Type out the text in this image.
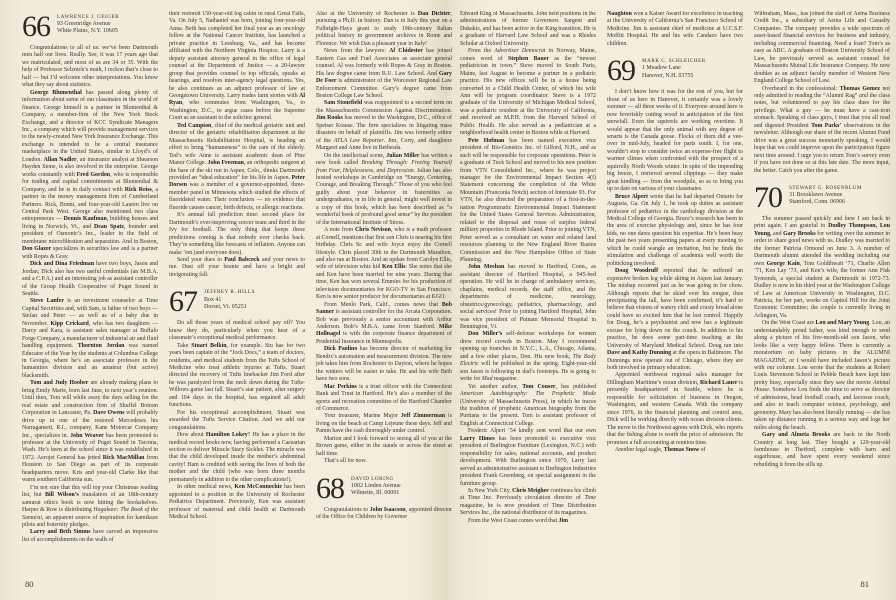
66 LAWRENCE J. GEIGER
93 Greenridge Avenue
White Plains, N.Y. 10605

Congratulations to all of us: we’ve been Dartmouth men half our lives. Really. See, it was 17 years ago that we matriculated, and most of us are 34 or 35. With the help of Professor Selznick’s math, I reckon that’s close to half — but I’d welcome other interpretations. You know what they say about statistics.

George Blumenthal has passed along plenty of information about some of our classmates in the world of finance. George himself is a partner in Blumenthal & Company, a member-firm of the New York Stock Exchange, and a director of KCC Syndicate Managers Inc., a company which will provide management services to the newly-created New York Insurance Exchange. This exchange is intended to be a central insurance marketplace in the United States, similar to Lloyd’s of London. Allan Nadler, an insurance analyst at Shearson Hayden Stone, is also involved in the enterprise. George works constantly with Fred Gordon, who is responsible for trading and capital commitments at Blumenthal & Company, and he is in daily contact with Rick Reiss, a partner in the money management firm of Cumberland Partners. Rick, Bonni, and four-year-old Lauren live on Central Park West. George also mentioned two class entrepreneurs — Dennis Kaufman, building houses and living in Norwich, Vt., and Dean Spatz, founder and president of Osmonic’s Inc., leader in the field of membrane microfiltration and separation. And in Boston, Don Glazer specializes in securities law and is a partner with Ropes & Gray.

Dick and Dina Friedman have two boys, Jason and Jordan; Dick also has two useful credentials (an M.B.A. and a C.P.A.) and an interesting job as assistant controller of the Group Health Cooperative of Puget Sound in Seattle.

Steve Lanfer is an investment counselor at Time Capital Securities and, with Sam, is father of two boys — Stefan and Peter — as well as of a baby due in November. Kipp Crickard, who has two daughters — Darcy and Kara, is assistant sales manager at Buffalo Forge Company, a manufacturer of industrial air and fluid handling equipment. Thornton Jordan was named Educator of the Year by the students at Columbus College in Georgia, where he’s an associate professor in the humanities division and an amateur (but active) blacksmith.

Tom and Judy Hoober are already making plans to bring Emily Marie, born last June, to next year’s reunion. Until then, Tom will while away the days selling for the real estate and construction firm of Shuffel Bottom Corporation in Lancaster, Pa. Dave Owens will probably drive up in one of the restored Mercedeses his Narragansett, R.I., company, Kane Motorcar Company Inc., specializes in. John Weaver has been promoted to professor at the University of Puget Sound in Tacoma, Wash. He’s been at the school since it was established in 1972. Aerojet General has jetted Rick MacMillan from Houston to San Diego as part of its corporate headquarters move. Kris and year-old Clarke like that warm southern California sun.

I’m not sure that this will top your Christmas reading list, but Bill Wilson’s translation of an 18th-century samurai ethics book is now hitting the bookshelves. Harper & Row is distributing Hagakure: The Book of the Samurai, an apparent source of inspiration for kamikaze pilots and fraternity pledges.

Larry and Beth Simms have carved an impressive list of accomplishments on the walls of

their restored 150-year-old log cabin in rural Great Falls, Va. On July 5, Nathaniel was born, joining four-year-old Anna. Beth has completed her final year as an oncology fellow at the National Cancer Institute, has launched a private practice in Leesburg, Va., and has become affiliated with the Northern Virginia Hospice. Larry is a deputy assistant attorney general in the office of legal counsel at the Department of Justice — a 20-lawyer group that provides counsel to top officials, speaks at hearings, and resolves inter-agency legal questions. Yes, he also continues as an adjunct professor of law at Georgetown University. Larry trades farm stories with Al Ryan, who commutes from Washington, Va., to Washington, D.C., to argue cases before the Supreme Court as an assistant to the solicitor general.

Ted Campion, chief of the medical geriatric unit and director of the geriatric rehabilitation department at the Massachusetts Rehabilitation Hospital, is heading an effort to bring “humaneness” to the care of the elderly. Ted’s wife Anne is assistant academic dean of Pine Manor College. John Freeman, an orthopedic surgeon at the base of the ski run in Aspen, Colo., thinks Dartmouth provided an “ideal education” for his life in Aspen. Peter Dorsen was a member of a governor-appointed, three-member panel in Minnesota which studied the effects of fluoridated water. Their conclusion — no evidence that fluoride causes cancer, birth defects, or allergic reactions.

It’s annual fall prediction time: second place for Dartmouth’s ever-improving soccer team and third in the Ivy for football. The only thing that keeps these predictions coming is that nobody ever checks back. They’re something like forecasts of inflation. Anyone can make ’em (and everyone does).

Send your dues to Paul Babcock and your news to me. Dust off your beanie and have a bright and invigorating fall.

67 JEFFREY R. HILLS
Box 41
Dorset, Vt. 05251

Do all those years of medical school pay off? You know they do, particularly when you hear of a classmate’s exceptional medical performance.

Take Stuart Belkin, for example. Stu has for two years been captain of the “Jock Docs,” a team of doctors, residents, and medical students from the Tufts School of Medicine who treat athletic injuries at Tufts. Stuart directed the recovery of Tufts linebacker Jim Ford after he was paralyzed from the neck down during the Tufts-Willows game last fall. Stuart’s star patient, after surgery and 104 days in the hospital, has regained all adult functions.

For his exceptional accomplishment, Stuart was awarded the Tufts Service Citation. And we add our congratulations.

How about Hamilton Lokey? He has a place in the medical record books now, having performed a Caesarian section to deliver Miracle Stacy Sickles. The miracle was that the child developed inside the mother’s abdominal cavity! Ham is credited with saving the lives of both the mother and the child (who was born three months prematurely in addition to the other complications!).

In other medical news, Ken McConnochie has been appointed to a position in the University of Rochester Pediatrics Department. Previously, Ken was assistant professor of maternal and child health at Dartmouth Medical School.

Also at the University of Rochester is Dan Dichter, pursuing a Ph.D. in history. Dan is in Italy this year on a Fulbright-Hays grant to study 19th-century Italian political history in government archives in Rome and Florence. We wish Dan a pleasant year in Italy!

News from the lawyers: Al Chidester has joined Eastern Gas and Fuel Associates as associate general counsel. Al was formerly with Ropes & Gray in Boston. His law degree came from B.U. Law School. And Gary De Foer is administrator of the Worcester Regional Law Enforcement Committee. Gary’s degree came from Boston College Law School.

Sam Stonefield was reappointed to a second term on the Massachusetts Commission Against Discrimination. Jim Rooks has moved to the Washington, D.C., office of Speiser Krause. The firm specializes in litigating mass disasters on behalf of plaintiffs. Jim was formerly editor of the ATLA Law Reporter. Jim, Corty, and daughters Margaret and Anne live in Bethesda.

On the intellectual scene, Julian Miller has written a new book called Breaking Through: Freeing Yourself from Fear, Helplessness, and Depression. Julian has also hosted workshops in Cambridge on “Energy, Centering, Courage, and Breaking Through.” Those of you who feel guilty about your behavior in fraternities as undergraduates, or in life in general, might well invest in a copy of this book, which has been described as “a wonderful book of profound good sense” by the president of the International Institute of Stress.

A note from Chris Nevison, who is a math professor at Cornell, mentions that first son Chris is nearing his first birthday. Chris Sr. and wife Joyce enjoy the Cornell lifestyle. Chris placed 30th in the Dartmouth Marathon, and also ran at Boston. And an update from Carolyn Ellis, wife of television whiz kid Ken Ellis: She notes that she and Ken have been married for nine years. During that time, Ken has won several Emmies for his production of television documentaries for KGO-TV in San Francisco. Ken is now senior producer for documentaries at KGO.

From Menlo Park, Calif., comes news that Bob Sanner is assistant controller for the Arcata Corporation. Bob was previously a senior accountant with Arthur Anderson. Bob’s M.B.A. came from Stanford. Mike Hollnagel is with the corporate finance department of Prudential Insurance in Minneapolis.

Dick Paolino has become director of marketing for Bendix’s automation and measurement division. The new job takes him from Rochester to Dayton, where he hopes the winters will be easier to take. He and his wife Beth have two sons.

Mac Perkins is a trust officer with the Connecticut Bank and Trust in Hartford. He’s also a member of the sports and recreation committee of the Hartford Chamber of Commerce.

Your treasurer, Marine Major Jeff Zimmerman is living on the beach at Camp Lejeune these days. Jeff and Pamm have the cash thoroughly under control.

Marion and I look forward to seeing all of you at the Brown game, either in the stands or across the street at half time.

That’s all for now.

68 DAVID LORING
1002 Linden Avenue
Wilmette, Ill. 60091

Congratulations to John Isaacson, appointed director of the Office for Children by Governor

80

Edward King of Massachusetts. John held positions in the administrations of former Governors Sargent and Dukakis, and has been active in the King transition. He is a graduate of Harvard Law School and was a Rhodes Scholar at Oxford University.

From the Advertiser Democrat in Norway, Maine, comes word of Stephen Bauer as the “newest pediatrician in town.” Steve moved to South Paris, Maine, last August to become a partner in a pediatric practice. His new offices will be in a house being converted to a Child Health Center, of which his wife Ann will be program coordinator. Steve is a 1972 graduate of the University of Michigan Medical School, was a pediatric resident at the University of California, and received an M.P.H. from the Harvard School of Public Health. He also served as a pediatrician at a neighborhood health center in Boston while at Harvard.

Pete Hofman has been named executive vice president of Bio-Genetics Inc. of Gilford, N.H., and as such will be responsible for corporate operations. Peter is a graduate of Tuck School and moved to his new position from VTN Consolidated Inc., where he was project manager for the Environmental Impact Section 4(f) Statement concerning the completion of the White Mountain (Franconia Notch) section of Interstate 93. For VTN, he also directed the preparation of a first-in-the-nation Programmatic Environmental Impact Statement for the United States General Services Administration, related to the disposal and reuse of surplus federal military properties in Rhode Island. Prior to joining VTN, Peter served as a consultant on water and related land resources planning to the New England River Basins Commission and the New Hampshire Office of State Planning.

John Meehan has moved to Hartford, Conn., as assistant director of Hartford Hospital, a 945-bed operation. He will be in charge of ambulatory services, chaplains, medical records, the staff office, and the departments of medicine, neurology, obstetrics/gynecology, pediatrics, pharmacology, and social services! Prior to joining Hartford Hospital, John was vice president of Putnam Memorial Hospital in Bennington, Vt.

Don Miller’s self-defense workshops for women drew record crowds in Boston. May I recommend opening up branches in N.Y.C., L.A., Chicago, Atlanta, and a few other places, Don. His new book, The Body Electric will be published in the spring. Eight-year-old son Jason is following in dad’s footsteps. He is going to write for Mad magazine.

Yet another author, Tom Couser, has published American Autobiography: The Prophetic Mode (University of Massachusetts Press), in which he traces the tradition of prophetic American biography from the Puritans to the present. Tom is assistant professor of English at Connecticut College.

Frederic Alpert ’54 kindly sent word that our own Larry Himes has been promoted to executive vice president of Burlington Furniture (Lexington, N.C.) with responsibility for sales, national accounts, and product development. With Burlington since 1970, Larry last served as administrative assistant to Burlington Industries president Frank Greenberg, on special assignment in the furniture group.

In New York City, Chris Meigher continues his climb at Time Inc. Previously circulation director of Time magazine, he is now president of Time Distribution Services Inc., the national distributor of its magazines.

From the West Coast comes word that Jim

Naughton won a Kaiser Award for excellence in teaching at the University of California’s San Francisco School of Medicine. Jim is assistant chief of medicine at U.C.S.F. Moffitt Hospital. He and his wife Candace have two children.

69 MARK C. SCHLEICHER
1 Meadow Lane
Hanover, N.H. 03755

I don’t know how it was for the rest of you, but for those of us here in Hanover, it certainly was a lovely summer — all three weeks of it. Everyone around here is now feverishly cutting wood in anticipation of the first snowfall. Even the squirrels are working overtime. It would appear that the only animal with any degree of smarts is the Canada goose. Flocks of them did a vee-over in mid-July, headed for parts south. I, for one, wouldn’t stop to consider twice an expense-free flight to warmer climes when confronted with the prospect of a squirrelly North Woods winter. In spite of the impending big freeze, I retrieved several clippings — they make great kindling — from the woodpile, so as to bring you up to date on various of your classmates.

Bruce Alpert wrote that he had departed Ontario for Augusta, Ga. On July 1, he took up duties as assistant professor of pediatrics in the cardiology division at the Medical College of Georgia. Bruce’s research has been in the area of exercise physiology and, since he has four kids, no one dares question his expertise. He’s been busy the past two years presenting papers at every meeting to which he could wangle an invitation, but he finds the stimulation and challenge of academia well worth the politicking involved.

Doug Woodruff reported that he suffered an expensive broken leg while skiing in Aspen last January. The mishap occurred just as he was going in for chow. Although reports that he skied over his tongue, thus precipitating the fall, have been confirmed, it’s hard to believe that visions of watery chili and crusty bread alone could have so excited him that he lost control. Happily for Doug, he’s a psychiatrist and now has a legitimate excuse for lying down on the couch. In addition to his practice, he does some part-time teaching at the University of Maryland Medical School. Doug ran into Dave and Kathy Dunning at the opera in Baltimore. The Dunnings now operate out of Chicago, where they are both involved in primary education.

Appointed northwest regional sales manager for Dillingham Maritime’s ocean division, Richard Lauer is presently headquartered in Seattle, where he is responsible for solicitation of business in Oregon, Washington, and western Canada. With the company since 1976, in the financial planning and control area, Dick will be working directly with ocean division clients. The move to the Northwest agrees with Dick, who reports that the fishing alone is worth the price of admission. He promises a full accounting at reunion time.

Another legal eagle, Thomas Snow of

Wilbraham, Mass., has joined the staff of Aetna Business Credit Inc., a subsidiary of Aetna Life and Casualty Companies. The company provides a wide spectrum of asset-based financial services for business and industry, including commercial financing. Need a loan? Tom’s as easy as ABC. A graduate of Boston University School of Law, he previously served as assistant counsel for Massachusetts Mutual Life Insurance Company. He now doubles as an adjunct faculty member of Western New England College School of Law.

Overheard in the confessional: Thomas Gomez not only admitted to reading the “Alumni Rag” and the class notes, but volunteered to pay his class dues for the privilege. What a guy — he must have a cast-iron stomach. Speaking of class guys, I trust that you all read and digested President Tom Parks’ observations in the newsletter. Although our share of the recent Alumni Fund drive was a great success monetarily speaking, I would hope that we could improve upon the participation figure next time around. I urge you to return Tom’s survey even if you have not done so at this late date. The more input, the better. Catch you after the game.

70 STEWART G. ROSENBLUM
31 Brooklawn Avenue
Stamford, Conn. 06906

The summer passed quickly and here I am back in print again. I am grateful to Dudley Thompson, Lou Young, and Gary Brooks for writing over the summer in order to share good news with us. Dudley was married to the former Patricia Ormond on June 3. A number of Dartmouth alumni attended the wedding including our own George Kain, Tom Goldthwait ’71, Charlie Allen ’71, Ken Lay ’73, and Ken’s wife, the former Ann Fisk Symonds, a special student at Dartmouth in 1972-73. Dudley is now in his third year at the Washington College of Law at American University in Washington, D.C. Patricia, for her part, works on Capitol Hill for the Joint Economic Committee; the couple is currently living in Arlington, Va.

On the West Coast are Lou and Mary Young. Lou, an understandably proud father, was kind enough to send along a picture of his five-month-old son Jason, who looks like a very happy fellow. There is currently a moratorium on baby pictures in the ALUMNI MAGAZINE, or I would have included Jason’s picture with our column. Lou wrote that the students at Robert Louis Stevenson School in Pebble Beach have kept him pretty busy, especially since they saw the movie Animal House. Somehow Lou finds the time to serve as director of admissions, head football coach, and lacrosse coach, and also to teach computer science, psychology, and geometry. Mary has also been literally running — she has taken up distance running in a serious way and logs her miles along the beach.

Gary and Almeta Brooks are back in the North Country at long last. They bought a 120-year-old farmhouse in Thetford, complete with barn and sugarhouse, and have spent every weekend since rebuilding it from the sills up.

81
